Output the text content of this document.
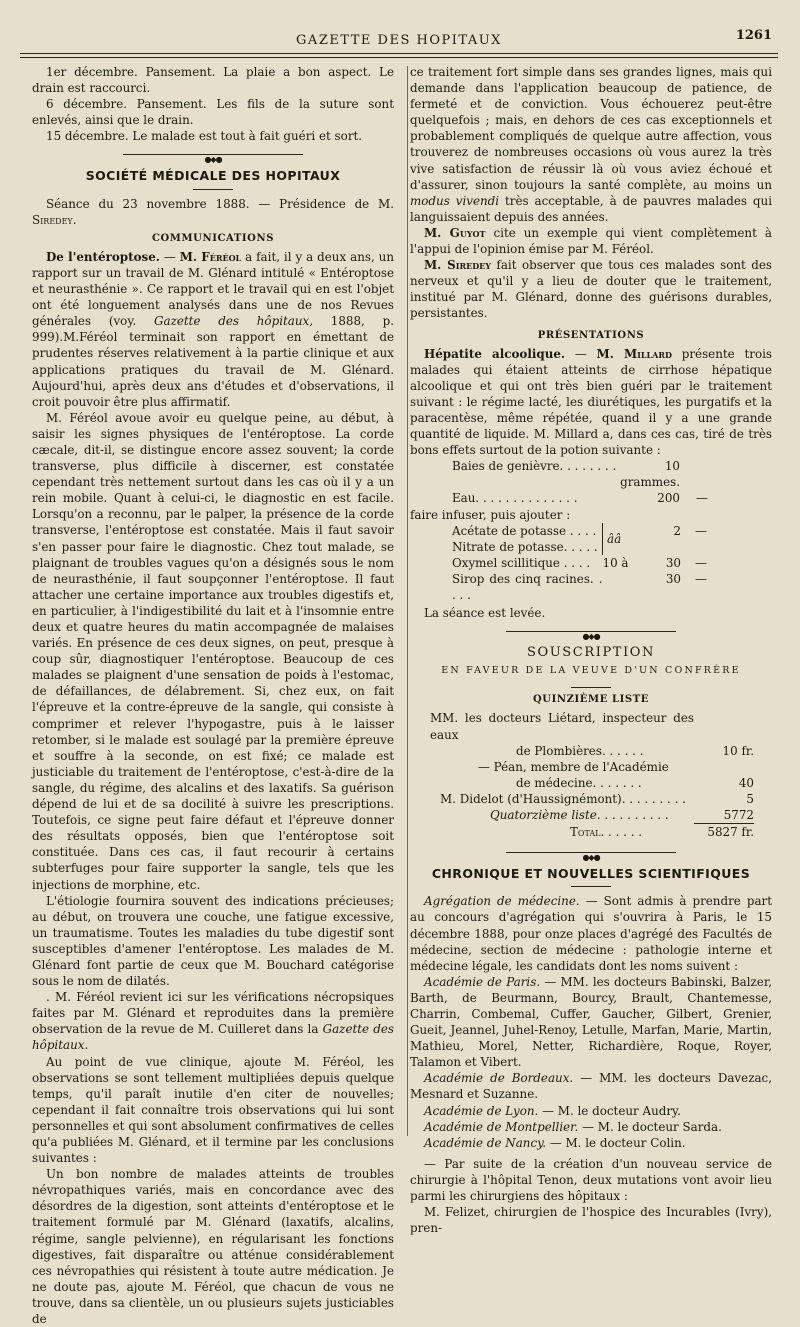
GAZETTE DES HOPITAUX	1261

1er décembre. Pansement. La plaie a bon aspect. Le drain est raccourci.

6 décembre. Pansement. Les fils de la suture sont enlevés, ainsi que le drain.

15 décembre. Le malade est tout à fait guéri et sort.

●◆●
SOCIÉTÉ MÉDICALE DES HOPITAUX

Séance du 23 novembre 1888. — Présidence de M. Siredey.

COMMUNICATIONS

De l'entéroptose. — M. Féréol a fait, il y a deux ans, un rapport sur un travail de M. Glénard intitulé « Entéroptose et neurasthénie ». Ce rapport et le travail qui en est l'objet ont été longuement analysés dans une de nos Revues générales (voy. Gazette des hôpitaux, 1888, p. 999).M.Féréol terminait son rapport en émettant de prudentes réserves relativement à la partie clinique et aux applications pratiques du travail de M. Glénard. Aujourd'hui, après deux ans d'études et d'observations, il croit pouvoir être plus affirmatif.

M. Féréol avoue avoir eu quelque peine, au début, à saisir les signes physiques de l'entéroptose. La corde cæcale, dit-il, se distingue encore assez souvent; la corde transverse, plus difficile à discerner, est constatée cependant très nettement surtout dans les cas où il y a un rein mobile. Quant à celui-ci, le diagnostic en est facile. Lorsqu'on a reconnu, par le palper, la présence de la corde transverse, l'entéroptose est constatée. Mais il faut savoir s'en passer pour faire le diagnostic. Chez tout malade, se plaignant de troubles vagues qu'on a désignés sous le nom de neurasthénie, il faut soupçonner l'entéroptose. Il faut attacher une certaine importance aux troubles digestifs et, en particulier, à l'indigestibilité du lait et à l'insomnie entre deux et quatre heures du matin accompagnée de malaises variés. En présence de ces deux signes, on peut, presque à coup sûr, diagnostiquer l'entéroptose. Beaucoup de ces malades se plaignent d'une sensation de poids à l'estomac, de défaillances, de délabrement. Si, chez eux, on fait l'épreuve et la contre-épreuve de la sangle, qui consiste à comprimer et relever l'hypogastre, puis à le laisser retomber, si le malade est soulagé par la première épreuve et souffre à la seconde, on est fixé; ce malade est justiciable du traitement de l'entéroptose, c'est-à-dire de la sangle, du régime, des alcalins et des laxatifs. Sa guérison dépend de lui et de sa docilité à suivre les prescriptions. Toutefois, ce signe peut faire défaut et l'épreuve donner des résultats opposés, bien que l'entéroptose soit constituée. Dans ces cas, il faut recourir à certains subterfuges pour faire supporter la sangle, tels que les injections de morphine, etc.

L'étiologie fournira souvent des indications précieuses; au début, on trouvera une couche, une fatigue excessive, un traumatisme. Toutes les maladies du tube digestif sont susceptibles d'amener l'entéroptose. Les malades de M. Glénard font partie de ceux que M. Bouchard catégorise sous le nom de dilatés.

. M. Féréol revient ici sur les vérifications nécropsiques faites par M. Glénard et reproduites dans la première observation de la revue de M. Cuilleret dans la Gazette des hôpitaux.

Au point de vue clinique, ajoute M. Féréol, les observations se sont tellement multipliées depuis quelque temps, qu'il paraît inutile d'en citer de nouvelles; cependant il fait connaître trois observations qui lui sont personnelles et qui sont absolument confirmatives de celles qu'a publiées M. Glénard, et il termine par les conclusions suivantes :

Un bon nombre de malades atteints de troubles névropathiques variés, mais en concordance avec des désordres de la digestion, sont atteints d'entéroptose et le traitement formulé par M. Glénard (laxatifs, alcalins, régime, sangle pelvienne), en régularisant les fonctions digestives, fait disparaître ou atténue considérablement ces névropathies qui résistent à toute autre médication. Je ne doute pas, ajoute M. Féréol, que chacun de vous ne trouve, dans sa clientèle, un ou plusieurs sujets justiciables de

ce traitement fort simple dans ses grandes lignes, mais qui demande dans l'application beaucoup de patience, de fermeté et de conviction. Vous échouerez peut-être quelquefois ; mais, en dehors de ces cas exceptionnels et probablement compliqués de quelque autre affection, vous trouverez de nombreuses occasions où vous aurez la très vive satisfaction de réussir là où vous aviez échoué et d'assurer, sinon toujours la santé complète, au moins un modus vivendi très acceptable, à de pauvres malades qui languissaient depuis des années.

M. Guyot cite un exemple qui vient complètement à l'appui de l'opinion émise par M. Féréol.

M. Siredey fait observer que tous ces malades sont des nerveux et qu'il y a lieu de douter que le traitement, institué par M. Glénard, donne des guérisons durables, persistantes.

PRÉSENTATIONS

Hépatite alcoolique. — M. Millard présente trois malades qui étaient atteints de cirrhose hépatique alcoolique et qui ont très bien guéri par le traitement suivant : le régime lacté, les diurétiques, les purgatifs et la paracentèse, même répétée, quand il y a une grande quantité de liquide. M. Millard a, dans ces cas, tiré de très bons effets surtout de la potion suivante :

Baies de genièvre. . . . . . . .	10 grammes.	
Eau. . . . . . . . . . . . . .	200	—

faire infuser, puis ajouter :

Acétate de potasse . . . .	ââ	2	—
Nitrate de potasse. . . . .			
Oxymel scillitique . . . .	10 à	30	—
Sirop des cinq racines. . . . .		30	—

La séance est levée.

●◆●
SOUSCRIPTION
EN FAVEUR DE LA VEUVE D'UN CONFRÈRE
QUINZIÈME LISTE
MM. les docteurs Liétard, inspecteur des eaux
de Plombières. . . . . .	10 fr.
— Péan, membre de l'Académie
de médecine. . . . . . .	40
M. Didelot (d'Haussignémont). . . . . . . . .	5
Quatorzième liste. . . . . . . . . .	5772
Total. . . . . .	5827 fr.
●◆●
CHRONIQUE ET NOUVELLES SCIENTIFIQUES

Agrégation de médecine. — Sont admis à prendre part au concours d'agrégation qui s'ouvrira à Paris, le 15 décembre 1888, pour onze places d'agrégé des Facultés de médecine, section de médecine : pathologie interne et médecine légale, les candidats dont les noms suivent :

Académie de Paris. — MM. les docteurs Babinski, Balzer, Barth, de Beurmann, Bourcy, Brault, Chantemesse, Charrin, Combemal, Cuffer, Gaucher, Gilbert, Grenier, Gueit, Jeannel, Juhel-Renoy, Letulle, Marfan, Marie, Martin, Mathieu, Morel, Netter, Richardière, Roque, Royer, Talamon et Vibert.

Académie de Bordeaux. — MM. les docteurs Davezac, Mesnard et Suzanne.

Académie de Lyon. — M. le docteur Audry.

Académie de Montpellier. — M. le docteur Sarda.

Académie de Nancy. — M. le docteur Colin.

— Par suite de la création d'un nouveau service de chirurgie à l'hôpital Tenon, deux mutations vont avoir lieu parmi les chirurgiens des hôpitaux :

M. Felizet, chirurgien de l'hospice des Incurables (Ivry), pren-
